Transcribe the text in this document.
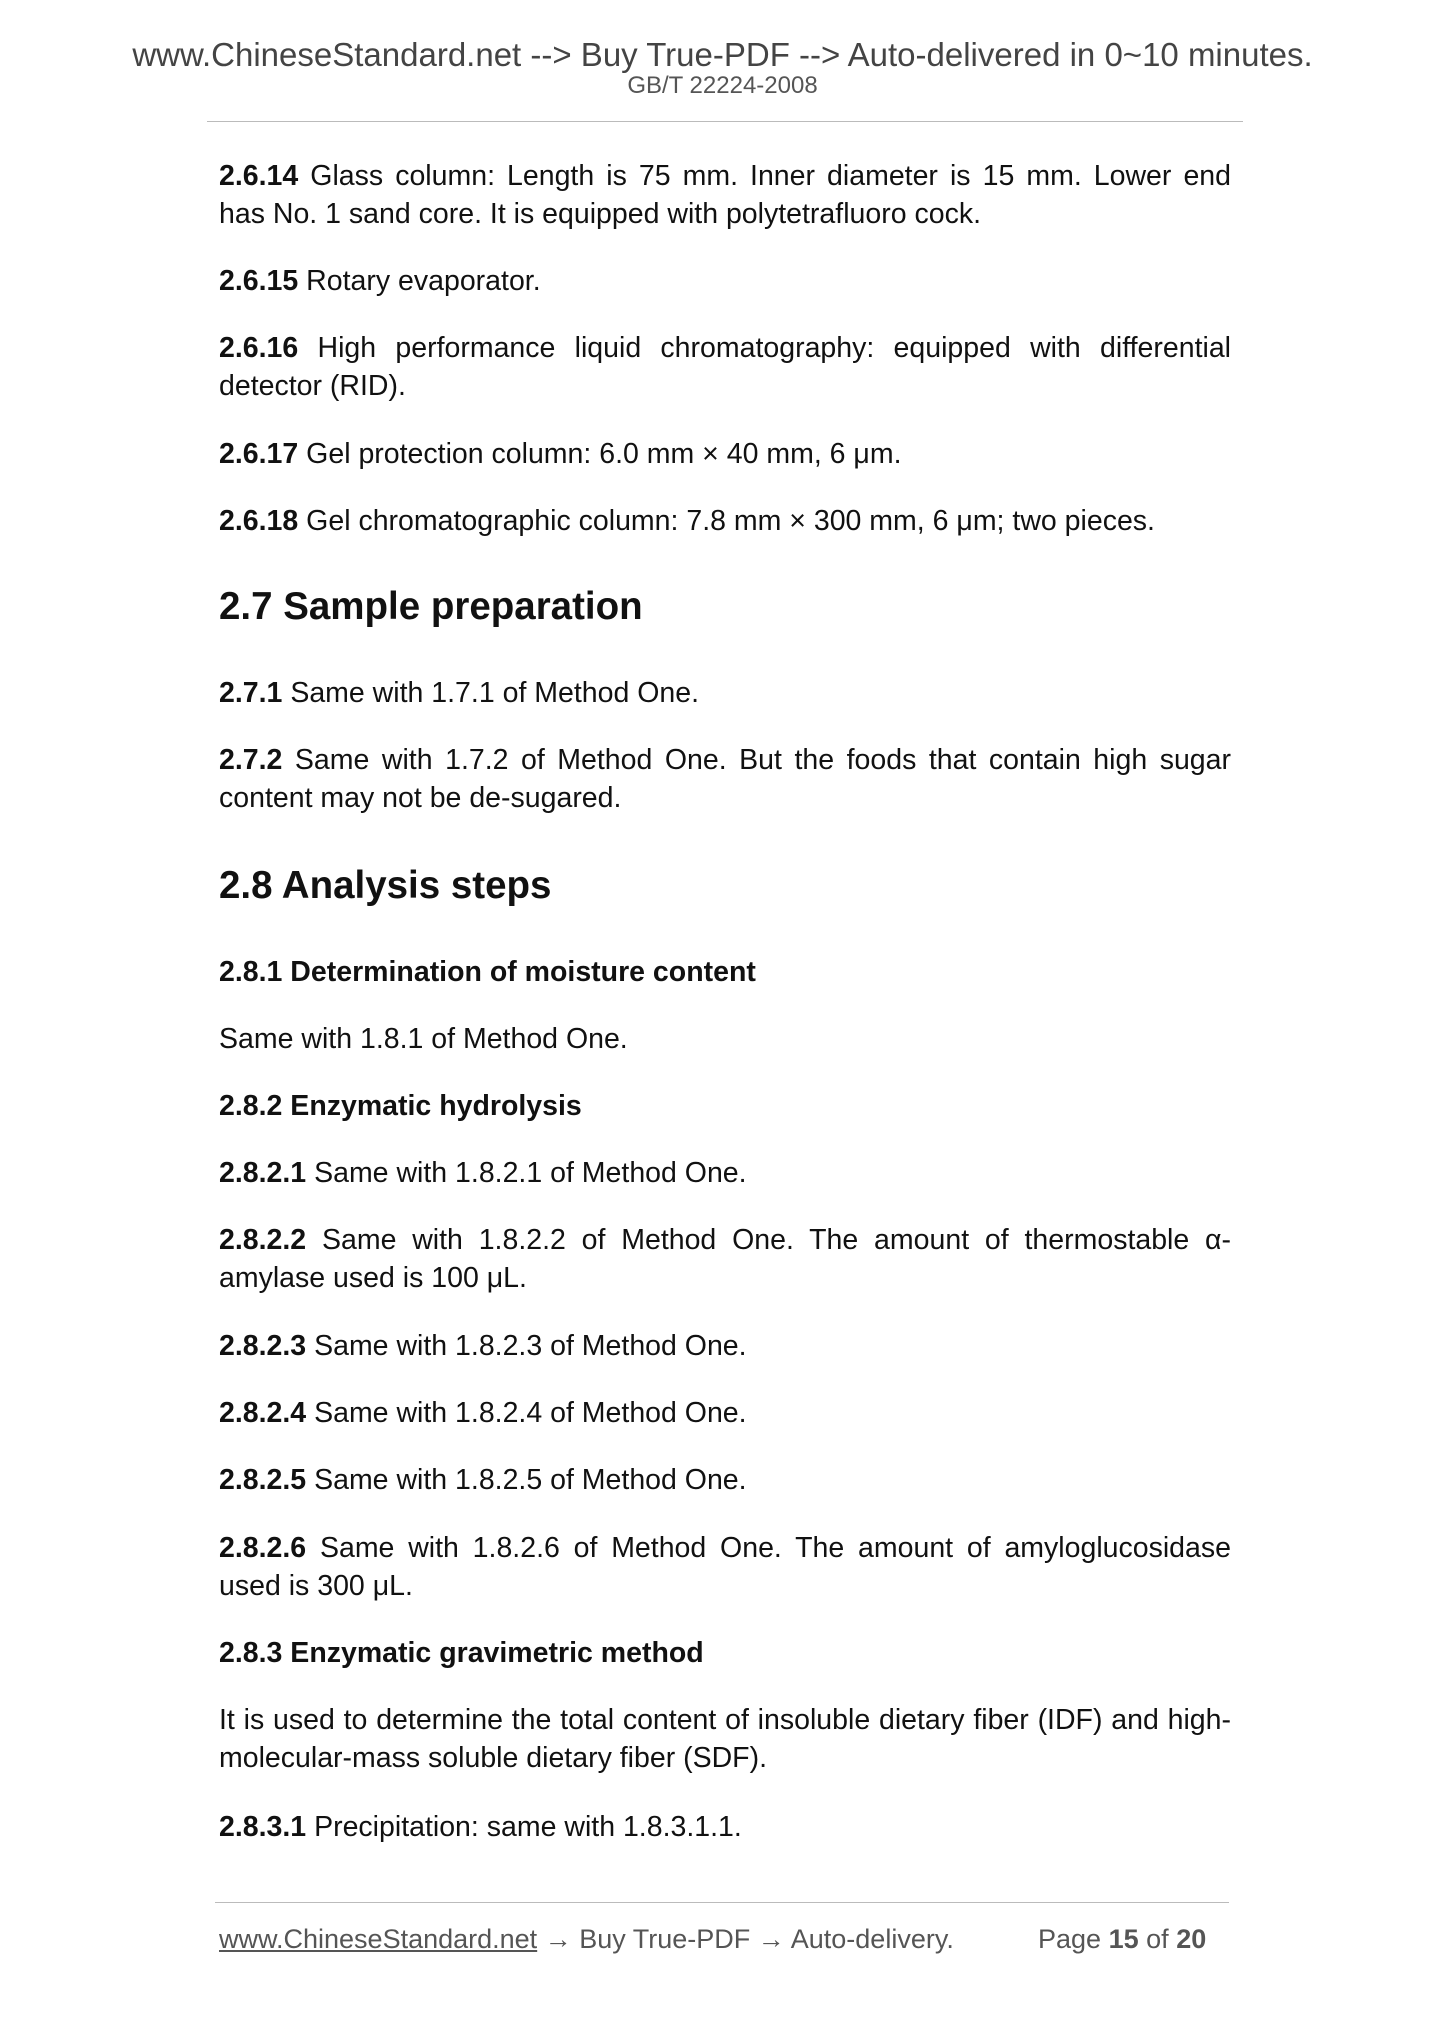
www.ChineseStandard.net --> Buy True-PDF --> Auto-delivered in 0~10 minutes.
GB/T 22224-2008

2.6.14 Glass column: Length is 75 mm. Inner diameter is 15 mm. Lower end has No. 1 sand core. It is equipped with polytetrafluoro cock.

2.6.15 Rotary evaporator.

2.6.16 High performance liquid chromatography: equipped with differential detector (RID).

2.6.17 Gel protection column: 6.0 mm × 40 mm, 6 μm.

2.6.18 Gel chromatographic column: 7.8 mm × 300 mm, 6 μm; two pieces.

2.7 Sample preparation

2.7.1 Same with 1.7.1 of Method One.

2.7.2 Same with 1.7.2 of Method One. But the foods that contain high sugar content may not be de-sugared.

2.8 Analysis steps
2.8.1 Determination of moisture content

Same with 1.8.1 of Method One.

2.8.2 Enzymatic hydrolysis

2.8.2.1 Same with 1.8.2.1 of Method One.

2.8.2.2 Same with 1.8.2.2 of Method One. The amount of thermostable α-amylase used is 100 μL.

2.8.2.3 Same with 1.8.2.3 of Method One.

2.8.2.4 Same with 1.8.2.4 of Method One.

2.8.2.5 Same with 1.8.2.5 of Method One.

2.8.2.6 Same with 1.8.2.6 of Method One. The amount of amyloglucosidase used is 300 μL.

2.8.3 Enzymatic gravimetric method

It is used to determine the total content of insoluble dietary fiber (IDF) and high-molecular-mass soluble dietary fiber (SDF).

2.8.3.1 Precipitation: same with 1.8.3.1.1.

www.ChineseStandard.net → Buy True-PDF → Auto-delivery.	Page 15 of 20
